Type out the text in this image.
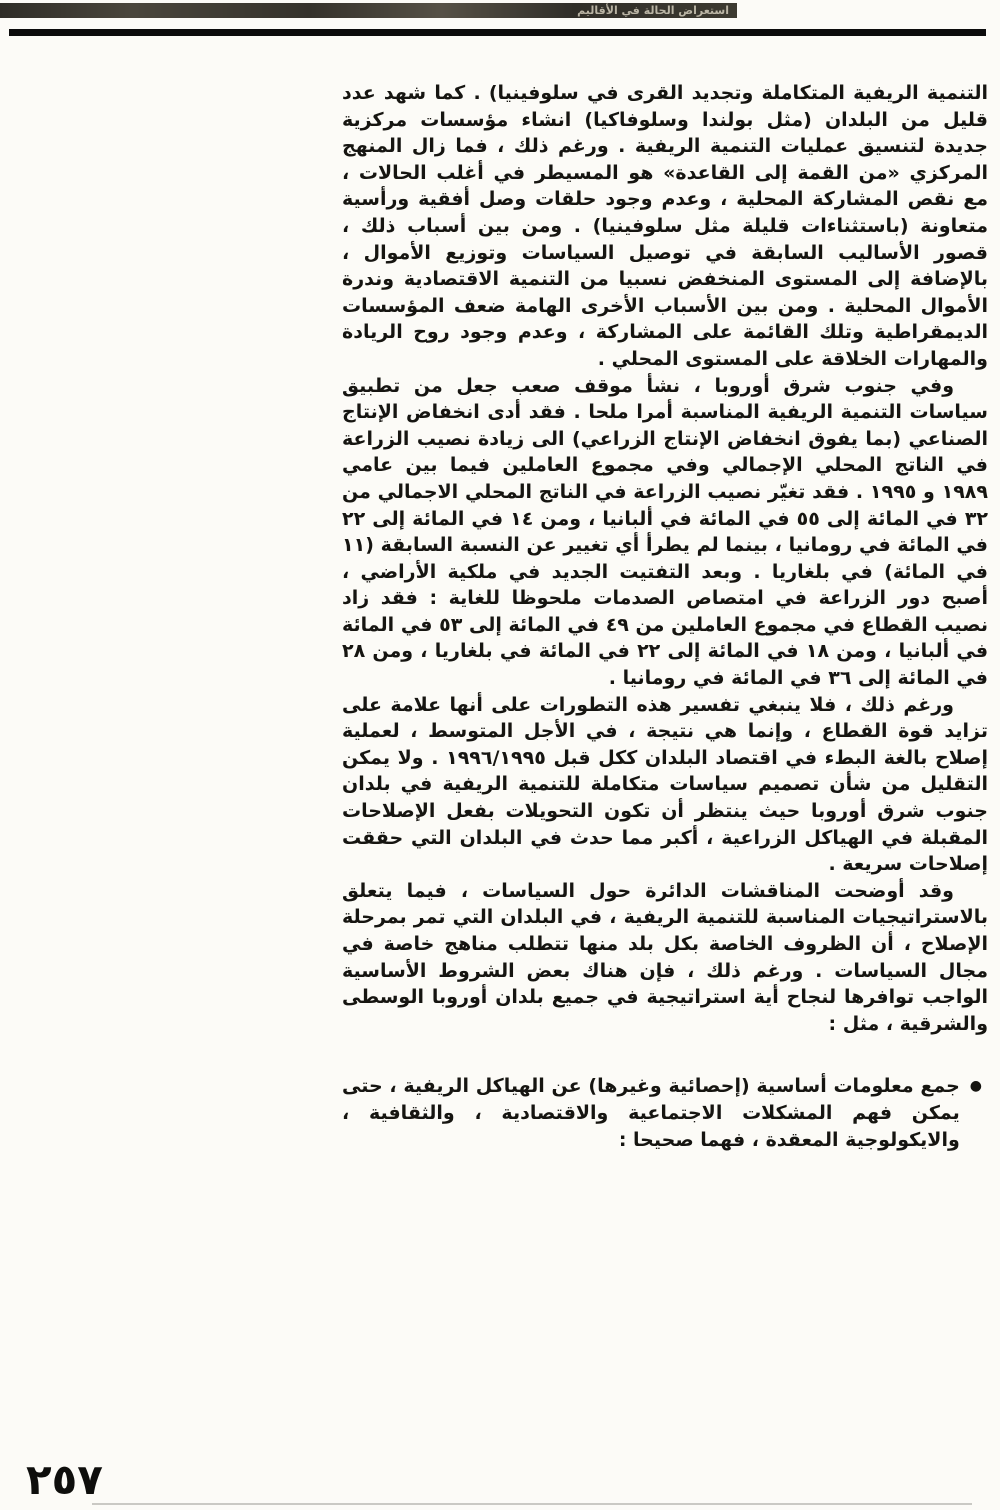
استعراض الحالة في الأقاليم

التنمية الريفية المتكاملة وتجديد القرى في سلوفينيا) . كما شهد عدد قليل من البلدان (مثل بولندا وسلوفاكيا) انشاء مؤسسات مركزية جديدة لتنسيق عمليات التنمية الريفية . ورغم ذلك ، فما زال المنهج المركزي «من القمة إلى القاعدة» هو المسيطر في أغلب الحالات ، مع نقص المشاركة المحلية ، وعدم وجود حلقات وصل أفقية ورأسية متعاونة (باستثناءات قليلة مثل سلوفينيا) . ومن بين أسباب ذلك ، قصور الأساليب السابقة في توصيل السياسات وتوزيع الأموال ، بالإضافة إلى المستوى المنخفض نسبيا من التنمية الاقتصادية وندرة الأموال المحلية . ومن بين الأسباب الأخرى الهامة ضعف المؤسسات الديمقراطية وتلك القائمة على المشاركة ، وعدم وجود روح الريادة والمهارات الخلاقة على المستوى المحلي .

وفي جنوب شرق أوروبا ، نشأ موقف صعب جعل من تطبيق سياسات التنمية الريفية المناسبة أمرا ملحا . فقد أدى انخفاض الإنتاج الصناعي (بما يفوق انخفاض الإنتاج الزراعي) الى زيادة نصيب الزراعة في الناتج المحلي الإجمالي وفي مجموع العاملين فيما بين عامي ١٩٨٩ و ١٩٩٥ . فقد تغيّر نصيب الزراعة في الناتج المحلي الاجمالي من ٣٢ في المائة إلى ٥٥ في المائة في ألبانيا ، ومن ١٤ في المائة إلى ٢٢ في المائة في رومانيا ، بينما لم يطرأ أي تغيير عن النسبة السابقة (١١ في المائة) في بلغاريا . وبعد التفتيت الجديد في ملكية الأراضي ، أصبح دور الزراعة في امتصاص الصدمات ملحوظا للغاية : فقد زاد نصيب القطاع في مجموع العاملين من ٤٩ في المائة إلى ٥٣ في المائة في ألبانيا ، ومن ١٨ في المائة إلى ٢٢ في المائة في بلغاريا ، ومن ٢٨ في المائة إلى ٣٦ في المائة في رومانيا .

ورغم ذلك ، فلا ينبغي تفسير هذه التطورات على أنها علامة على تزايد قوة القطاع ، وإنما هي نتيجة ، في الأجل المتوسط ، لعملية إصلاح بالغة البطء في اقتصاد البلدان ككل قبل ١٩٩٦/١٩٩٥ . ولا يمكن التقليل من شأن تصميم سياسات متكاملة للتنمية الريفية في بلدان جنوب شرق أوروبا حيث ينتظر أن تكون التحويلات بفعل الإصلاحات المقبلة في الهياكل الزراعية ، أكبر مما حدث في البلدان التي حققت إصلاحات سريعة .

وقد أوضحت المناقشات الدائرة حول السياسات ، فيما يتعلق بالاستراتيجيات المناسبة للتنمية الريفية ، في البلدان التي تمر بمرحلة الإصلاح ، أن الظروف الخاصة بكل بلد منها تتطلب مناهج خاصة في مجال السياسات . ورغم ذلك ، فإن هناك بعض الشروط الأساسية الواجب توافرها لنجاح أية استراتيجية في جميع بلدان أوروبا الوسطى والشرقية ، مثل :

●
جمع معلومات أساسية (إحصائية وغيرها) عن الهياكل الريفية ، حتى يمكن فهم المشكلات الاجتماعية والاقتصادية ، والثقافية ، والايكولوجية المعقدة ، فهما صحيحا :
٢٥٧
